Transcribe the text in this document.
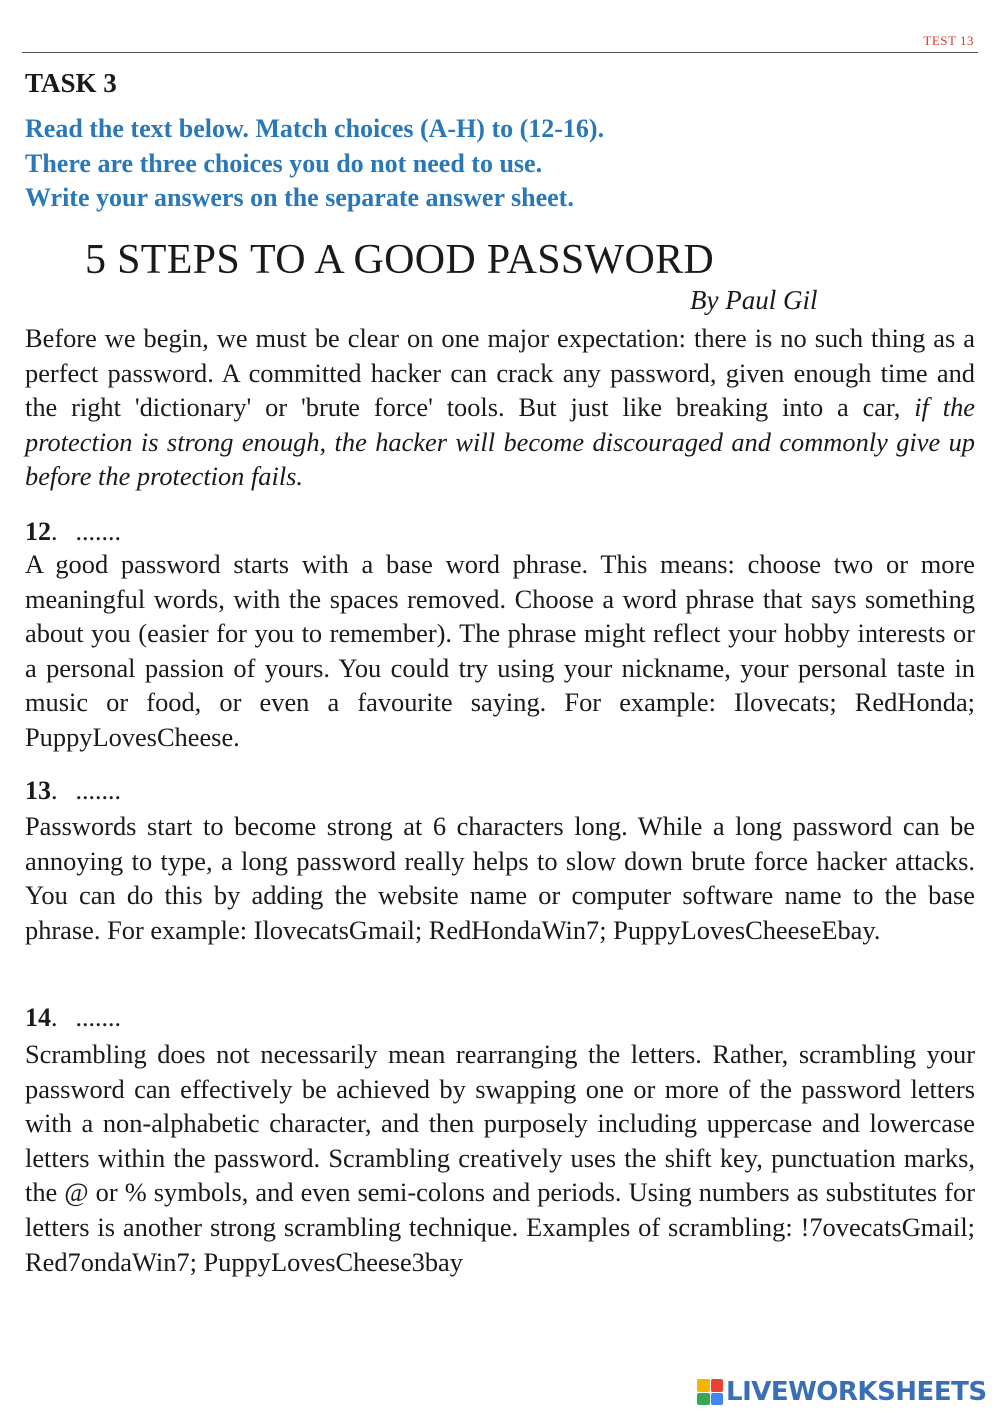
TEST 13
TASK 3
Read the text below. Match choices (A-H) to (12-16).
There are three choices you do not need to use.
Write your answers on the separate answer sheet.
5 STEPS TO A GOOD PASSWORD
By Paul Gil

Before we begin, we must be clear on one major expectation: there is no such thing as a perfect password. A committed hacker can crack any password, given enough time and the right 'dictionary' or 'brute force' tools. But just like breaking into a car, if the protection is strong enough, the hacker will become discouraged and commonly give up before the protection fails.

12. .......

A good password starts with a base word phrase. This means: choose two or more meaningful words, with the spaces removed. Choose a word phrase that says something about you (easier for you to remember). The phrase might reflect your hobby interests or a personal passion of yours. You could try using your nickname, your personal taste in music or food, or even a favourite saying. For example: Ilovecats; RedHonda; PuppyLovesCheese.

13. .......

Passwords start to become strong at 6 characters long. While a long password can be annoying to type, a long password really helps to slow down brute force hacker attacks. You can do this by adding the website name or computer software name to the base phrase. For example: IlovecatsGmail; RedHondaWin7; PuppyLovesCheeseEbay.

14. .......

Scrambling does not necessarily mean rearranging the letters. Rather, scrambling your password can effectively be achieved by swapping one or more of the password letters with a non-alphabetic character, and then purposely including uppercase and lowercase letters within the password. Scrambling creatively uses the shift key, punctuation marks, the @ or % symbols, and even semi-colons and periods. Using numbers as substitutes for letters is another strong scrambling technique. Examples of scrambling: !7ovecatsGmail; Red7ondaWin7; PuppyLovesCheese3bay

LIVEWORKSHEETS
